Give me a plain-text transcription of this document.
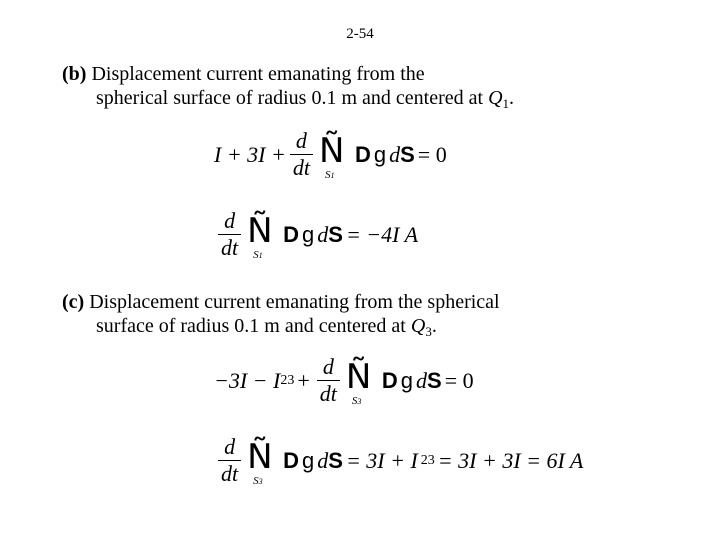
2-54
(b) Displacement current emanating from the
spherical surface of radius 0.1 m and centered at $Q_1$.
$I + 3I + \frac{d}{dt}$ Ñ
S1
D g d S = 0
$\frac{d}{dt}$ Ñ
S1
D g d S = −4I A
(c) Displacement current emanating from the spherical
surface of radius 0.1 m and centered at $Q_3$.
−3I − I $23 + \frac{d}{dt}$ Ñ
S3
D g d S = 0
$\frac{d}{dt}$ Ñ
S3
D g d S = 3I + I 23 = 3I + 3I = 6I A
